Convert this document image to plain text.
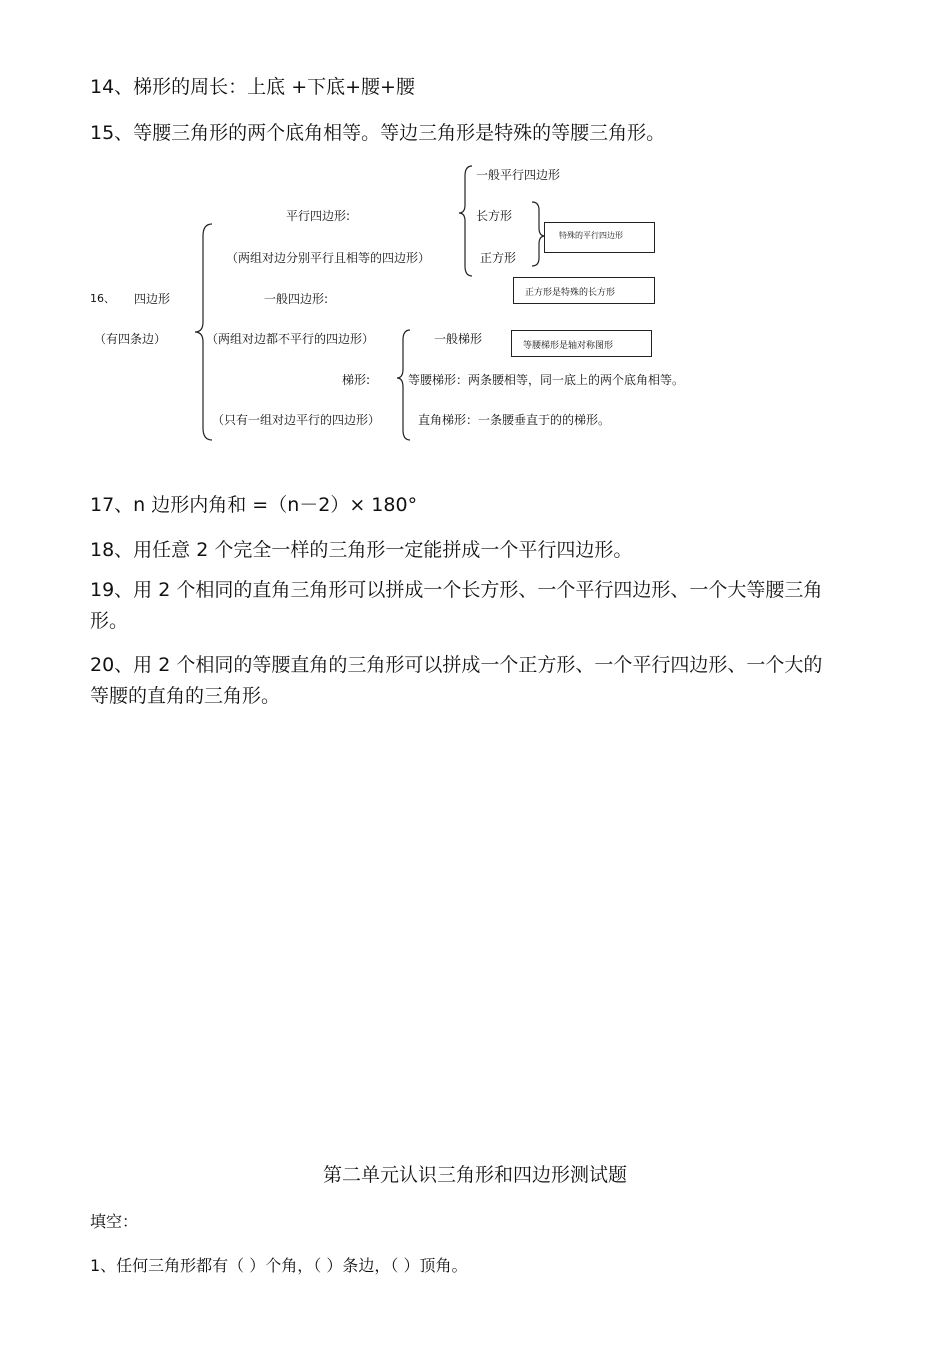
14、梯形的周长：上底 +下底+腰+腰
15、等腰三角形的两个底角相等。等边三角形是特殊的等腰三角形。
16、 四边形
（有四条边）
平行四边形:
（两组对边分别平行且相等的四边形）
一般四边形:
（两组对边都不平行的四边形）
梯形:
（只有一组对边平行的四边形）
一般平行四边形
长方形
正方形
特殊的平行四边形
正方形是特殊的长方形
一般梯形	等腰梯形是轴对称图形
等腰梯形：两条腰相等，同一底上的两个底角相等。
直角梯形：一条腰垂直于的的梯形。
17、n 边形内角和 =（n－2）× 180°
18、用任意 2 个完全一样的三角形一定能拼成一个平行四边形。
19、用 2 个相同的直角三角形可以拼成一个长方形、一个平行四边形、一个大等腰三角形。
20、用 2 个相同的等腰直角的三角形可以拼成一个正方形、一个平行四边形、一个大的等腰的直角的三角形。
第二单元认识三角形和四边形测试题
填空：
1、任何三角形都有（ ）个角，（ ）条边，（ ）顶角。
